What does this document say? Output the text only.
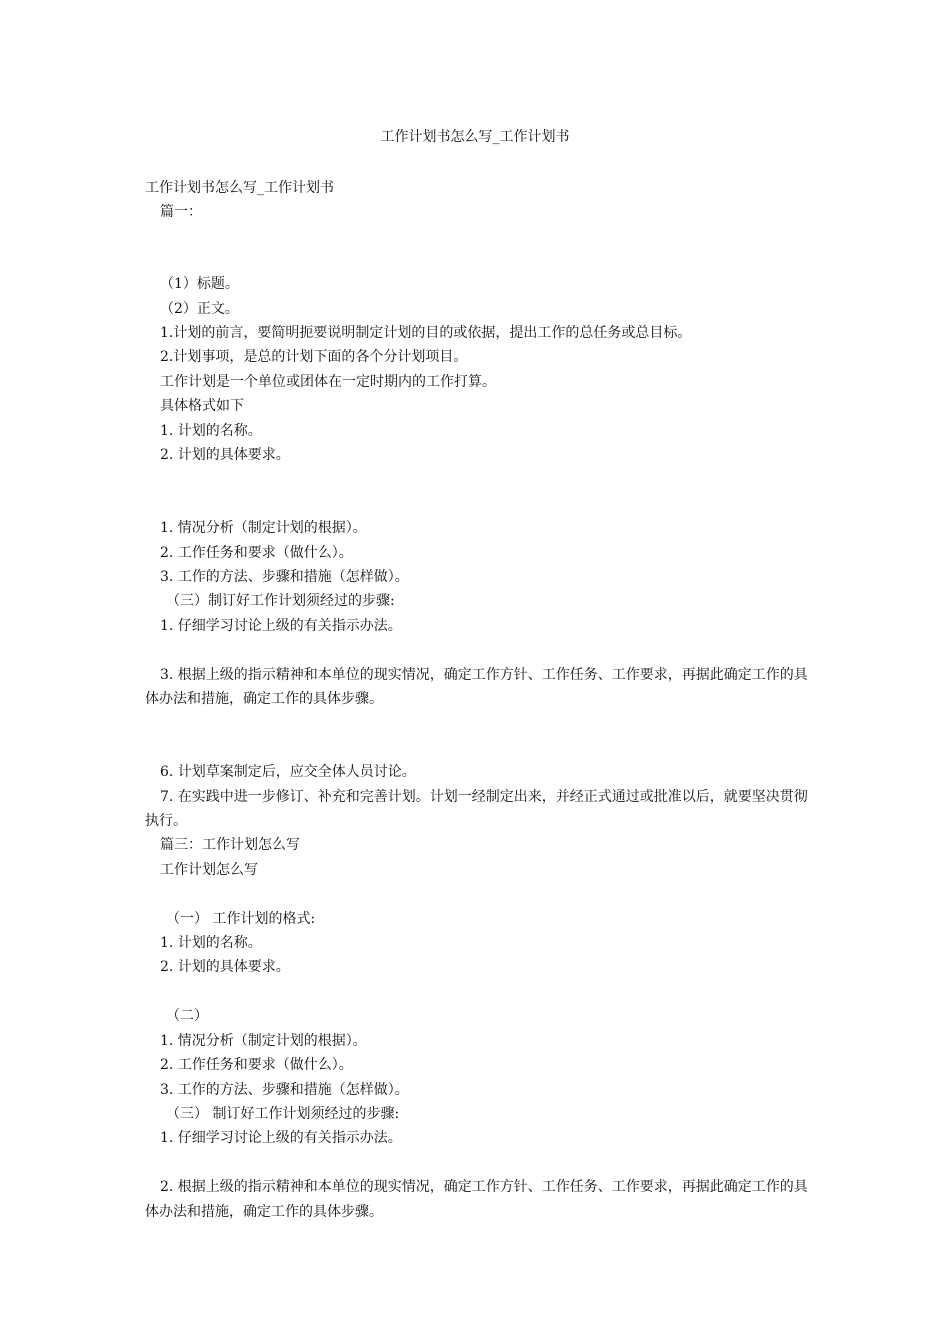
工作计划书怎么写_工作计划书

工作计划书怎么写_工作计划书

篇一：

（1）标题。

（2）正文。

1.计划的前言，要简明扼要说明制定计划的目的或依据，提出工作的总任务或总目标。

2.计划事项，是总的计划下面的各个分计划项目。

工作计划是一个单位或团体在一定时期内的工作打算。

具体格式如下

1. 计划的名称。

2. 计划的具体要求。

1. 情况分析（制定计划的根据）。

2. 工作任务和要求（做什么）。

3. 工作的方法、步骤和措施（怎样做）。

（三）制订好工作计划须经过的步骤:

1. 仔细学习讨论上级的有关指示办法。

3. 根据上级的指示精神和本单位的现实情况，确定工作方针、工作任务、工作要求，再据此确定工作的具体办法和措施，确定工作的具体步骤。

6. 计划草案制定后，应交全体人员讨论。

7. 在实践中进一步修订、补充和完善计划。计划一经制定出来，并经正式通过或批准以后，就要坚决贯彻执行。

篇三：工作计划怎么写

工作计划怎么写

（一） 工作计划的格式:

1. 计划的名称。

2. 计划的具体要求。

（二）

1. 情况分析（制定计划的根据）。

2. 工作任务和要求（做什么）。

3. 工作的方法、步骤和措施（怎样做）。

（三） 制订好工作计划须经过的步骤:

1. 仔细学习讨论上级的有关指示办法。

2. 根据上级的指示精神和本单位的现实情况，确定工作方针、工作任务、工作要求，再据此确定工作的具体办法和措施，确定工作的具体步骤。
